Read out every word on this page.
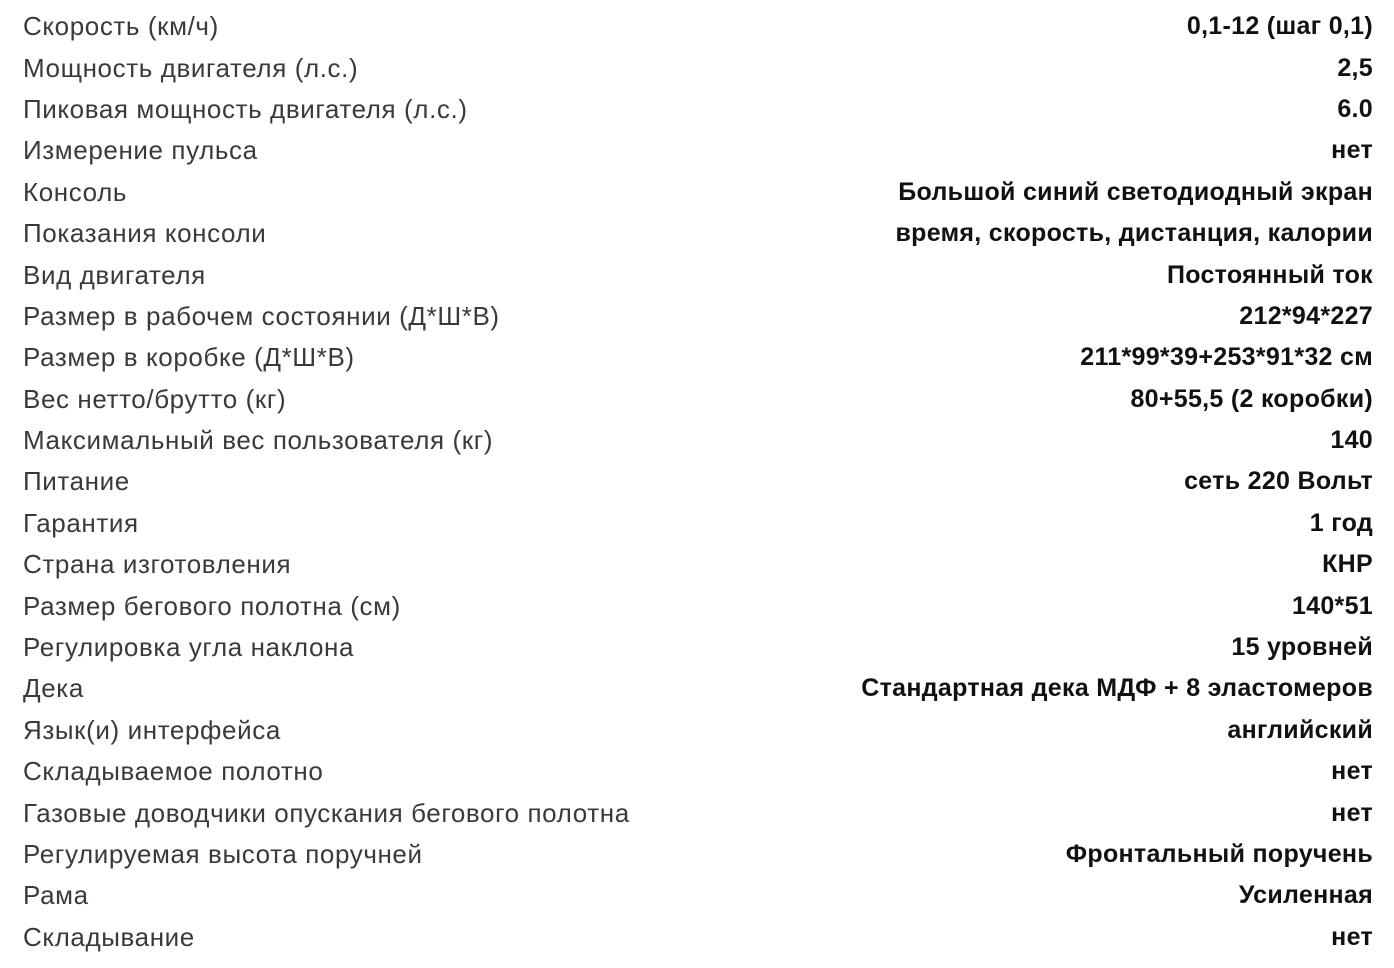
Скорость (км/ч)	0,1-12 (шаг 0,1)
Мощность двигателя (л.с.)	2,5
Пиковая мощность двигателя (л.с.)	6.0
Измерение пульса	нет
Консоль	Большой синий светодиодный экран
Показания консоли	время, скорость, дистанция, калории
Вид двигателя	Постоянный ток
Размер в рабочем состоянии (Д*Ш*В)	212*94*227
Размер в коробке (Д*Ш*В)	211*99*39+253*91*32 см
Вес нетто/брутто (кг)	80+55,5 (2 коробки)
Максимальный вес пользователя (кг)	140
Питание	сеть 220 Вольт
Гарантия	1 год
Страна изготовления	КНР
Размер бегового полотна (см)	140*51
Регулировка угла наклона	15 уровней
Дека	Стандартная дека МДФ + 8 эластомеров
Язык(и) интерфейса	английский
Складываемое полотно	нет
Газовые доводчики опускания бегового полотна	нет
Регулируемая высота поручней	Фронтальный поручень
Рама	Усиленная
Складывание	нет
